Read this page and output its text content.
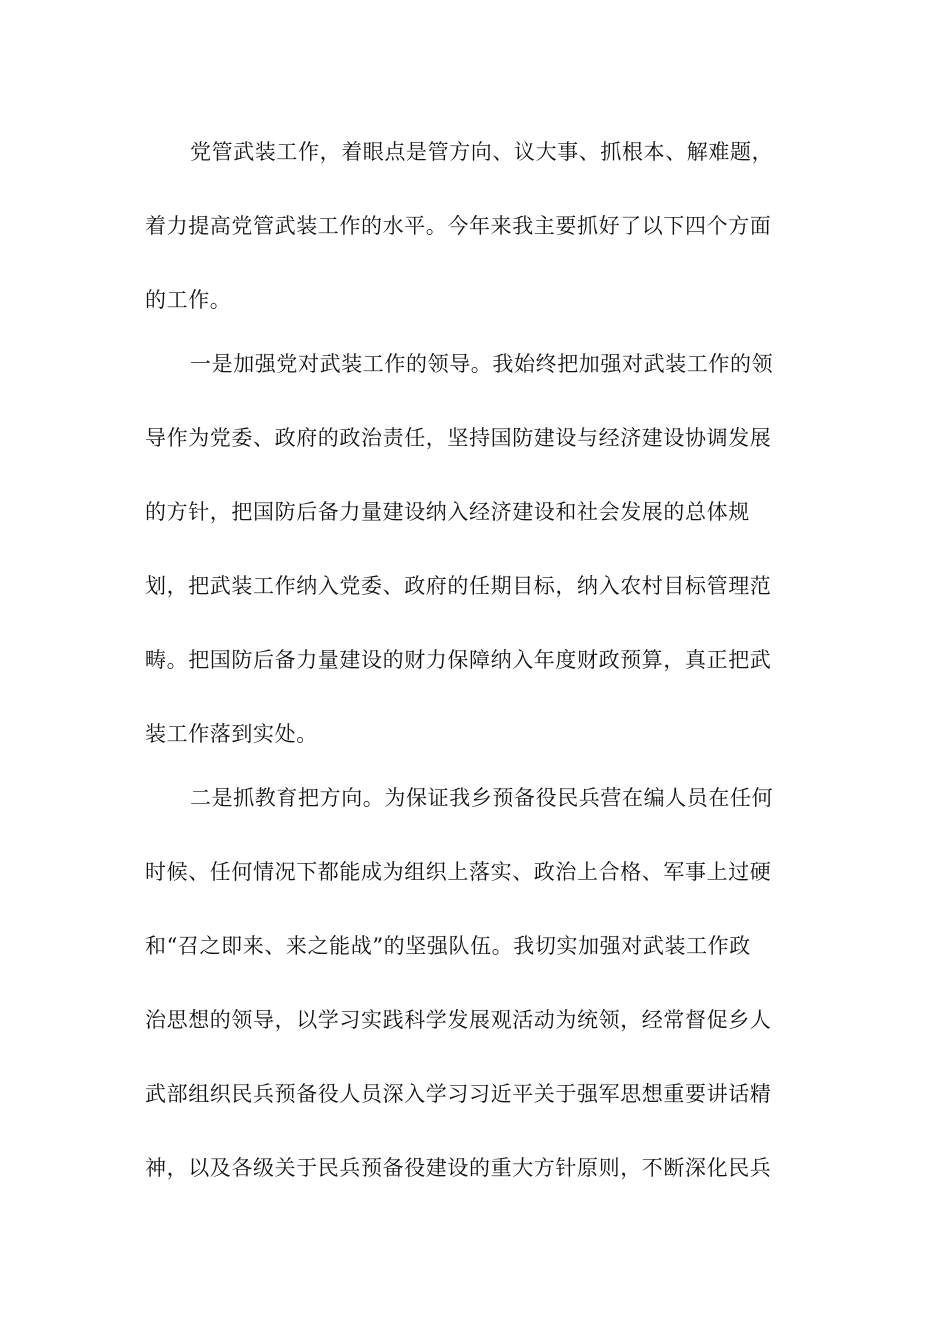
党管武装工作，着眼点是管方向、议大事、抓根本、解难题，
着力提高党管武装工作的水平。今年来我主要抓好了以下四个方面
的工作。
一是加强党对武装工作的领导。我始终把加强对武装工作的领
导作为党委、政府的政治责任，坚持国防建设与经济建设协调发展
的方针，把国防后备力量建设纳入经济建设和社会发展的总体规
划，把武装工作纳入党委、政府的任期目标，纳入农村目标管理范
畴。把国防后备力量建设的财力保障纳入年度财政预算，真正把武
装工作落到实处。
二是抓教育把方向。为保证我乡预备役民兵营在编人员在任何
时候、任何情况下都能成为组织上落实、政治上合格、军事上过硬
和“召之即来、来之能战”的坚强队伍。我切实加强对武装工作政
治思想的领导，以学习实践科学发展观活动为统领，经常督促乡人
武部组织民兵预备役人员深入学习习近平关于强军思想重要讲话精
神，以及各级关于民兵预备役建设的重大方针原则，不断深化民兵
